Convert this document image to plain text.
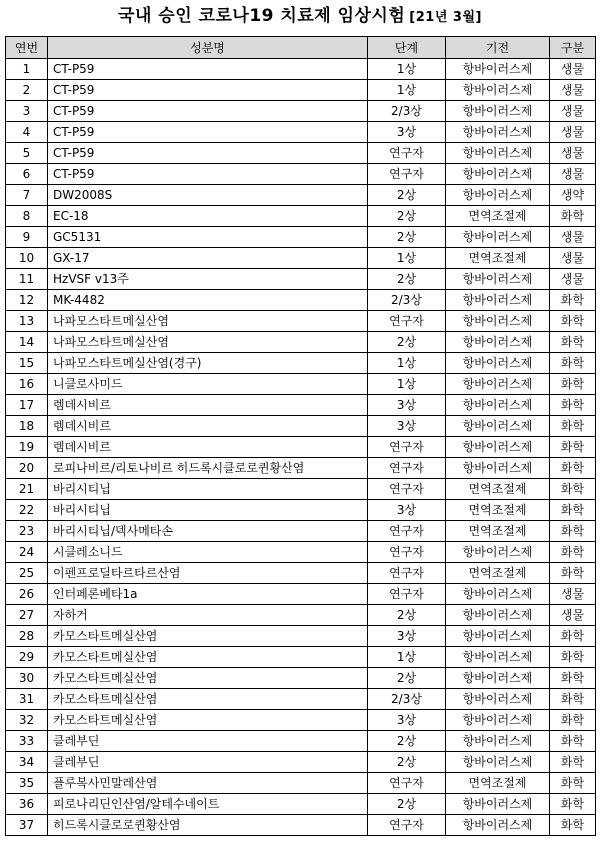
국내 승인 코로나19 치료제 임상시험 [21년 3월]
연번	성분명	단계	기전	구분
1	CT-P59	1상	항바이러스제	생물
2	CT-P59	1상	항바이러스제	생물
3	CT-P59	2/3상	항바이러스제	생물
4	CT-P59	3상	항바이러스제	생물
5	CT-P59	연구자	항바이러스제	생물
6	CT-P59	연구자	항바이러스제	생물
7	DW2008S	2상	항바이러스제	생약
8	EC-18	2상	면역조절제	화학
9	GC5131	2상	항바이러스제	생물
10	GX-17	1상	면역조절제	생물
11	HzVSF v13주	2상	항바이러스제	생물
12	MK-4482	2/3상	항바이러스제	화학
13	나파모스타트메실산염	연구자	항바이러스제	화학
14	나파모스타트메실산염	2상	항바이러스제	화학
15	나파모스타트메실산염(경구)	1상	항바이러스제	화학
16	니클로사미드	1상	항바이러스제	화학
17	렘데시비르	3상	항바이러스제	화학
18	렘데시비르	3상	항바이러스제	화학
19	렘데시비르	연구자	항바이러스제	화학
20	로피나비르/리토나비르 히드록시클로로퀸황산염	연구자	항바이러스제	화학
21	바리시티닙	연구자	면역조절제	화학
22	바리시티닙	3상	면역조절제	화학
23	바리시티닙/덱사메타손	연구자	면역조절제	화학
24	시클레소니드	연구자	항바이러스제	화학
25	이펜프로딜타르타르산염	연구자	면역조절제	화학
26	인터페론베타1a	연구자	항바이러스제	생물
27	자하거	2상	항바이러스제	생물
28	카모스타트메실산염	3상	항바이러스제	화학
29	카모스타트메실산염	1상	항바이러스제	화학
30	카모스타트메실산염	2상	항바이러스제	화학
31	카모스타트메실산염	2/3상	항바이러스제	화학
32	카모스타트메실산염	3상	항바이러스제	화학
33	클레부딘	2상	항바이러스제	화학
34	클레부딘	2상	항바이러스제	화학
35	플루복사민말레산염	연구자	면역조절제	화학
36	피로나리딘인산염/알테수네이트	2상	항바이러스제	화학
37	히드록시클로로퀸황산염	연구자	항바이러스제	화학
